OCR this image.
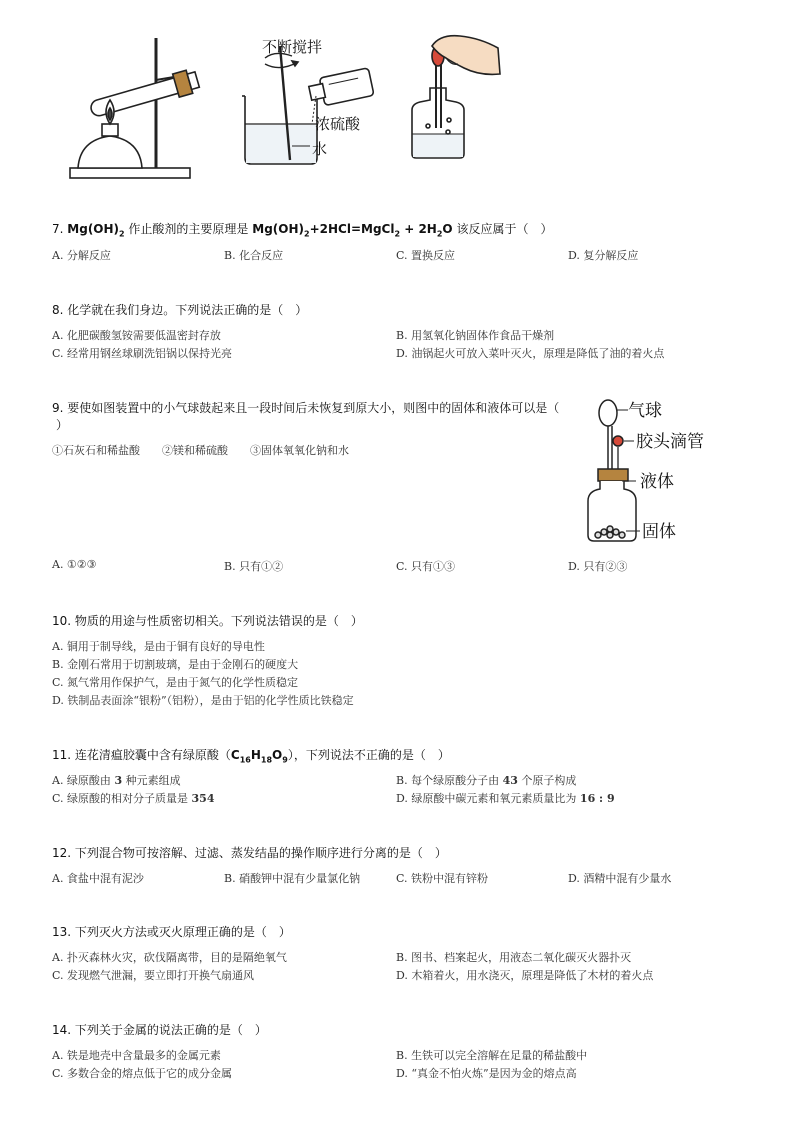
不断搅拌
浓硫酸
水
7. $Mg(OH)_2$ 作止酸剂的主要原理是 $Mg(OH)_2+2HCl=MgCl_2 + 2H_2O$ 该反应属于（　）
A. 分解反应	B. 化合反应	C. 置换反应	D. 复分解反应
8. 化学就在我们身边。下列说法正确的是（　）
A. 化肥碳酸氢铵需要低温密封存放	B. 用氢氧化钠固体作食品干燥剂
C. 经常用钢丝球刷洗铝锅以保持光亮	D. 油锅起火可放入菜叶灭火，原理是降低了油的着火点
9. 要使如图装置中的小气球鼓起来且一段时间后未恢复到原大小，则图中的固体和液体可以是（
）
①石灰石和稀盐酸　　②镁和稀硫酸　　③固体氧氧化钠和水
气球
胶头滴管
液体
固体
A. ①②③	B. 只有①②	C. 只有①③	D. 只有②③
10. 物质的用途与性质密切相关。下列说法错误的是（　）
A. 铜用于制导线，是由于铜有良好的导电性
B. 金刚石常用于切割玻璃，是由于金刚石的硬度大
C. 氮气常用作保护气，是由于氮气的化学性质稳定
D. 铁制品表面涂“银粉”（铝粉），是由于铝的化学性质比铁稳定
11. 连花清瘟胶囊中含有绿原酸$(C_{16}H_{18}O_9)$，下列说法不正确的是（　）
A. 绿原酸由 3 种元素组成	B. 每个绿原酸分子由 43 个原子构成
C. 绿原酸的相对分子质量是 354	D. 绿原酸中碳元素和氧元素质量比为 16 : 9
12. 下列混合物可按溶解、过滤、蒸发结晶的操作顺序进行分离的是（　）
A. 食盐中混有泥沙	B. 硝酸钾中混有少量氯化钠	C. 铁粉中混有锌粉	D. 酒精中混有少量水
13. 下列灭火方法或灭火原理正确的是（　）
A. 扑灭森林火灾，砍伐隔离带，目的是隔绝氧气	B. 图书、档案起火，用液态二氧化碳灭火器扑灭
C. 发现燃气泄漏，要立即打开换气扇通风	D. 木箱着火，用水浇灭，原理是降低了木材的着火点
14. 下列关于金属的说法正确的是（　）
A. 铁是地壳中含量最多的金属元素	B. 生铁可以完全溶解在足量的稀盐酸中
C. 多数合金的熔点低于它的成分金属	D. “真金不怕火炼”是因为金的熔点高
